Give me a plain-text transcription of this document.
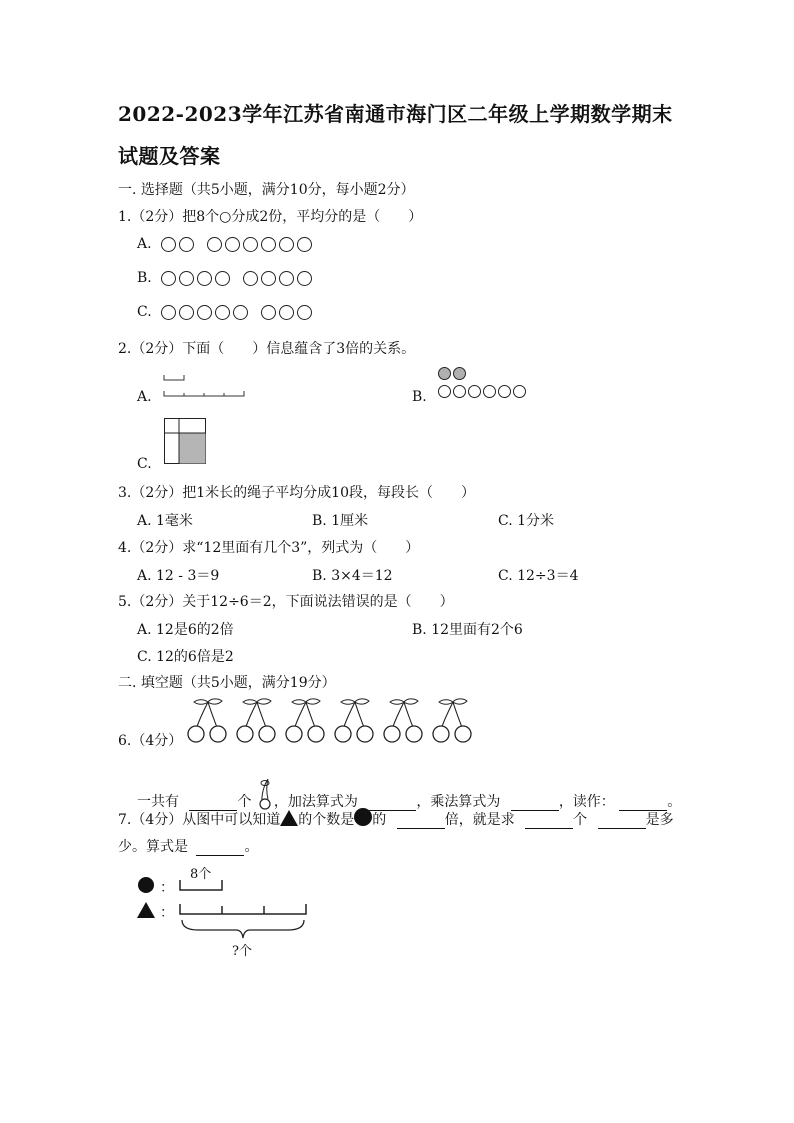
2022-2023学年江苏省南通市海门区二年级上学期数学期末
试题及答案
一. 选择题（共5小题，满分10分，每小题2分）
1.（2分）把8个○分成2份，平均分的是（　　）
A.
B.
C.
2.（2分）下面（　　）信息蕴含了3倍的关系。
A.	B.
C.
3.（2分）把1米长的绳子平均分成10段，每段长（　　）
A. 1毫米	B. 1厘米	C. 1分米
4.（2分）求“12里面有几个3”，列式为（　　）
A. 12 - 3＝9	B. 3×4＝12	C. 12÷3＝4
5.（2分）关于12÷6＝2，下面说法错误的是（　　）
A. 12是6的2倍	B. 12里面有2个6
C. 12的6倍是2
二. 填空题（共5小题，满分19分）
6.（4分）
一共有	个 ，加法算式为	，乘法算式为	，读作：	。
7.（4分）从图中可以知道 的个数是 的	倍，就是求	个	是多
少。算式是	。
8个
：
：
?个
